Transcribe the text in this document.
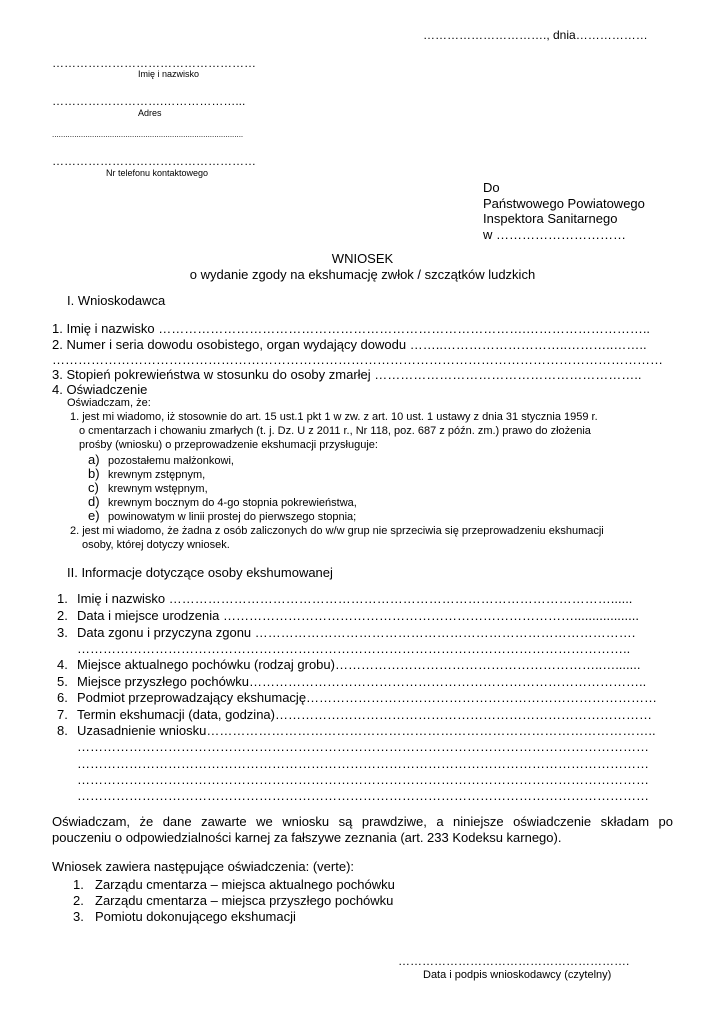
…………………………., dnia………………
……………………………………………
Imię i nazwisko
……………………….………………...
Adres
......................................................................................
……………………………………………
Nr telefonu kontaktowego
Do
Państwowego Powiatowego
Inspektora Sanitarnego
w …………………………
WNIOSEK
o wydanie zgody na ekshumację zwłok / szczątków ludzkich
I. Wnioskodawca
1. Imię i nazwisko ………………………………………………………………………….………………………..
2. Numer i seria dowodu osobistego, organ wydający dowodu ……..………………………..………..……..
……………………………………………………………………………………………………………………………
3. Stopień pokrewieństwa w stosunku do osoby zmarłej ……………………………………………………..
4. Oświadczenie
Oświadczam, że:
1. jest mi wiadomo, iż stosownie do art. 15 ust.1 pkt 1 w zw. z art. 10 ust. 1 ustawy z dnia 31 stycznia 1959 r.
o cmentarzach i chowaniu zmarłych (t. j. Dz. U z 2011 r., Nr 118, poz. 687 z późn. zm.) prawo do złożenia
prośby (wniosku) o przeprowadzenie ekshumacji przysługuje:
a) pozostałemu małżonkowi,
b) krewnym zstępnym,
c) krewnym wstępnym,
d) krewnym bocznym do 4-go stopnia pokrewieństwa,
e) powinowatym w linii prostej do pierwszego stopnia;
2. jest mi wiadomo, że żadna z osób zaliczonych do w/w grup nie sprzeciwia się przeprowadzeniu ekshumacji
osoby, której dotyczy wniosek.
II. Informacje dotyczące osoby ekshumowanej
1. Imię i nazwisko …………………………………………………………………………………………......
2. Data i miejsce urodzenia ………………………………………………………………………..................
3. Data zgonu i przyczyna zgonu …………………………………………………………………………….
………………………………………………………………………………………………………………..
4. Miejsce aktualnego pochówku (rodzaj grobu)……………………………………………………..….......
5. Miejsce przyszłego pochówku………………………………………………………………………………..
6. Podmiot przeprowadzający ekshumację………………………………………………………………………
7. Termin ekshumacji (data, godzina)……………………………………………………………………………
8. Uzasadnienie wniosku…………………………………………………………………………………………..
……………………………………………………………………………………………………………………
……………………………………………………………………………………………………………………
……………………………………………………………………………………………………………………
……………………………………………………………………………………………………………………
Oświadczam, że dane zawarte we wniosku są prawdziwe, a niniejsze oświadczenie składam po
pouczeniu o odpowiedzialności karnej za fałszywe zeznania (art. 233 Kodeksu karnego).
Wniosek zawiera następujące oświadczenia: (verte):
1. Zarządu cmentarza – miejsca aktualnego pochówku
2. Zarządu cmentarza – miejsca przyszłego pochówku
3. Pomiotu dokonującego ekshumacji
………………………………………………….
Data i podpis wnioskodawcy (czytelny)
